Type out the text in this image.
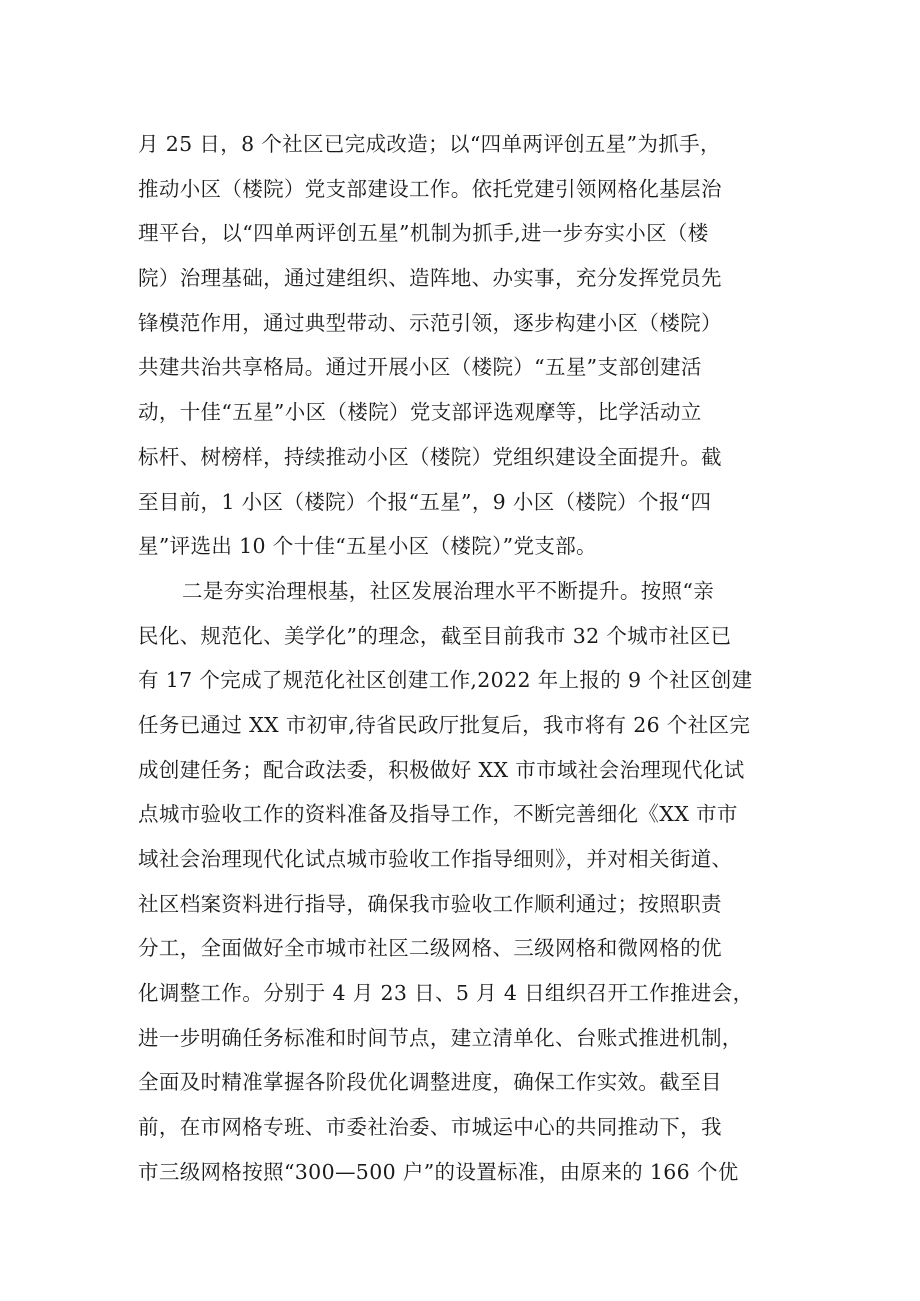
月 25 日，8 个社区已完成改造；以“四单两评创五星”为抓手，
推动小区（楼院）党支部建设工作。依托党建引领网格化基层治
理平台，以“四单两评创五星”机制为抓手,进一步夯实小区（楼
院）治理基础，通过建组织、造阵地、办实事，充分发挥党员先
锋模范作用，通过典型带动、示范引领，逐步构建小区（楼院）
共建共治共享格局。通过开展小区（楼院）“五星”支部创建活
动，十佳“五星”小区（楼院）党支部评选观摩等，比学活动立
标杆、树榜样，持续推动小区（楼院）党组织建设全面提升。截
至目前，1 小区（楼院）个报“五星”，9 小区（楼院）个报“四
星”评选出 10 个十佳“五星小区（楼院）”党支部。
二是夯实治理根基，社区发展治理水平不断提升。按照“亲
民化、规范化、美学化”的理念，截至目前我市 32 个城市社区已
有 17 个完成了规范化社区创建工作,2022 年上报的 9 个社区创建
任务已通过 XX 市初审,待省民政厅批复后，我市将有 26 个社区完
成创建任务；配合政法委，积极做好 XX 市市域社会治理现代化试
点城市验收工作的资料准备及指导工作，不断完善细化《XX 市市
域社会治理现代化试点城市验收工作指导细则》，并对相关街道、
社区档案资料进行指导，确保我市验收工作顺利通过；按照职责
分工，全面做好全市城市社区二级网格、三级网格和微网格的优
化调整工作。分别于 4 月 23 日、5 月 4 日组织召开工作推进会，
进一步明确任务标准和时间节点，建立清单化、台账式推进机制，
全面及时精准掌握各阶段优化调整进度，确保工作实效。截至目
前，在市网格专班、市委社治委、市城运中心的共同推动下，我
市三级网格按照“300—500 户”的设置标准，由原来的 166 个优
